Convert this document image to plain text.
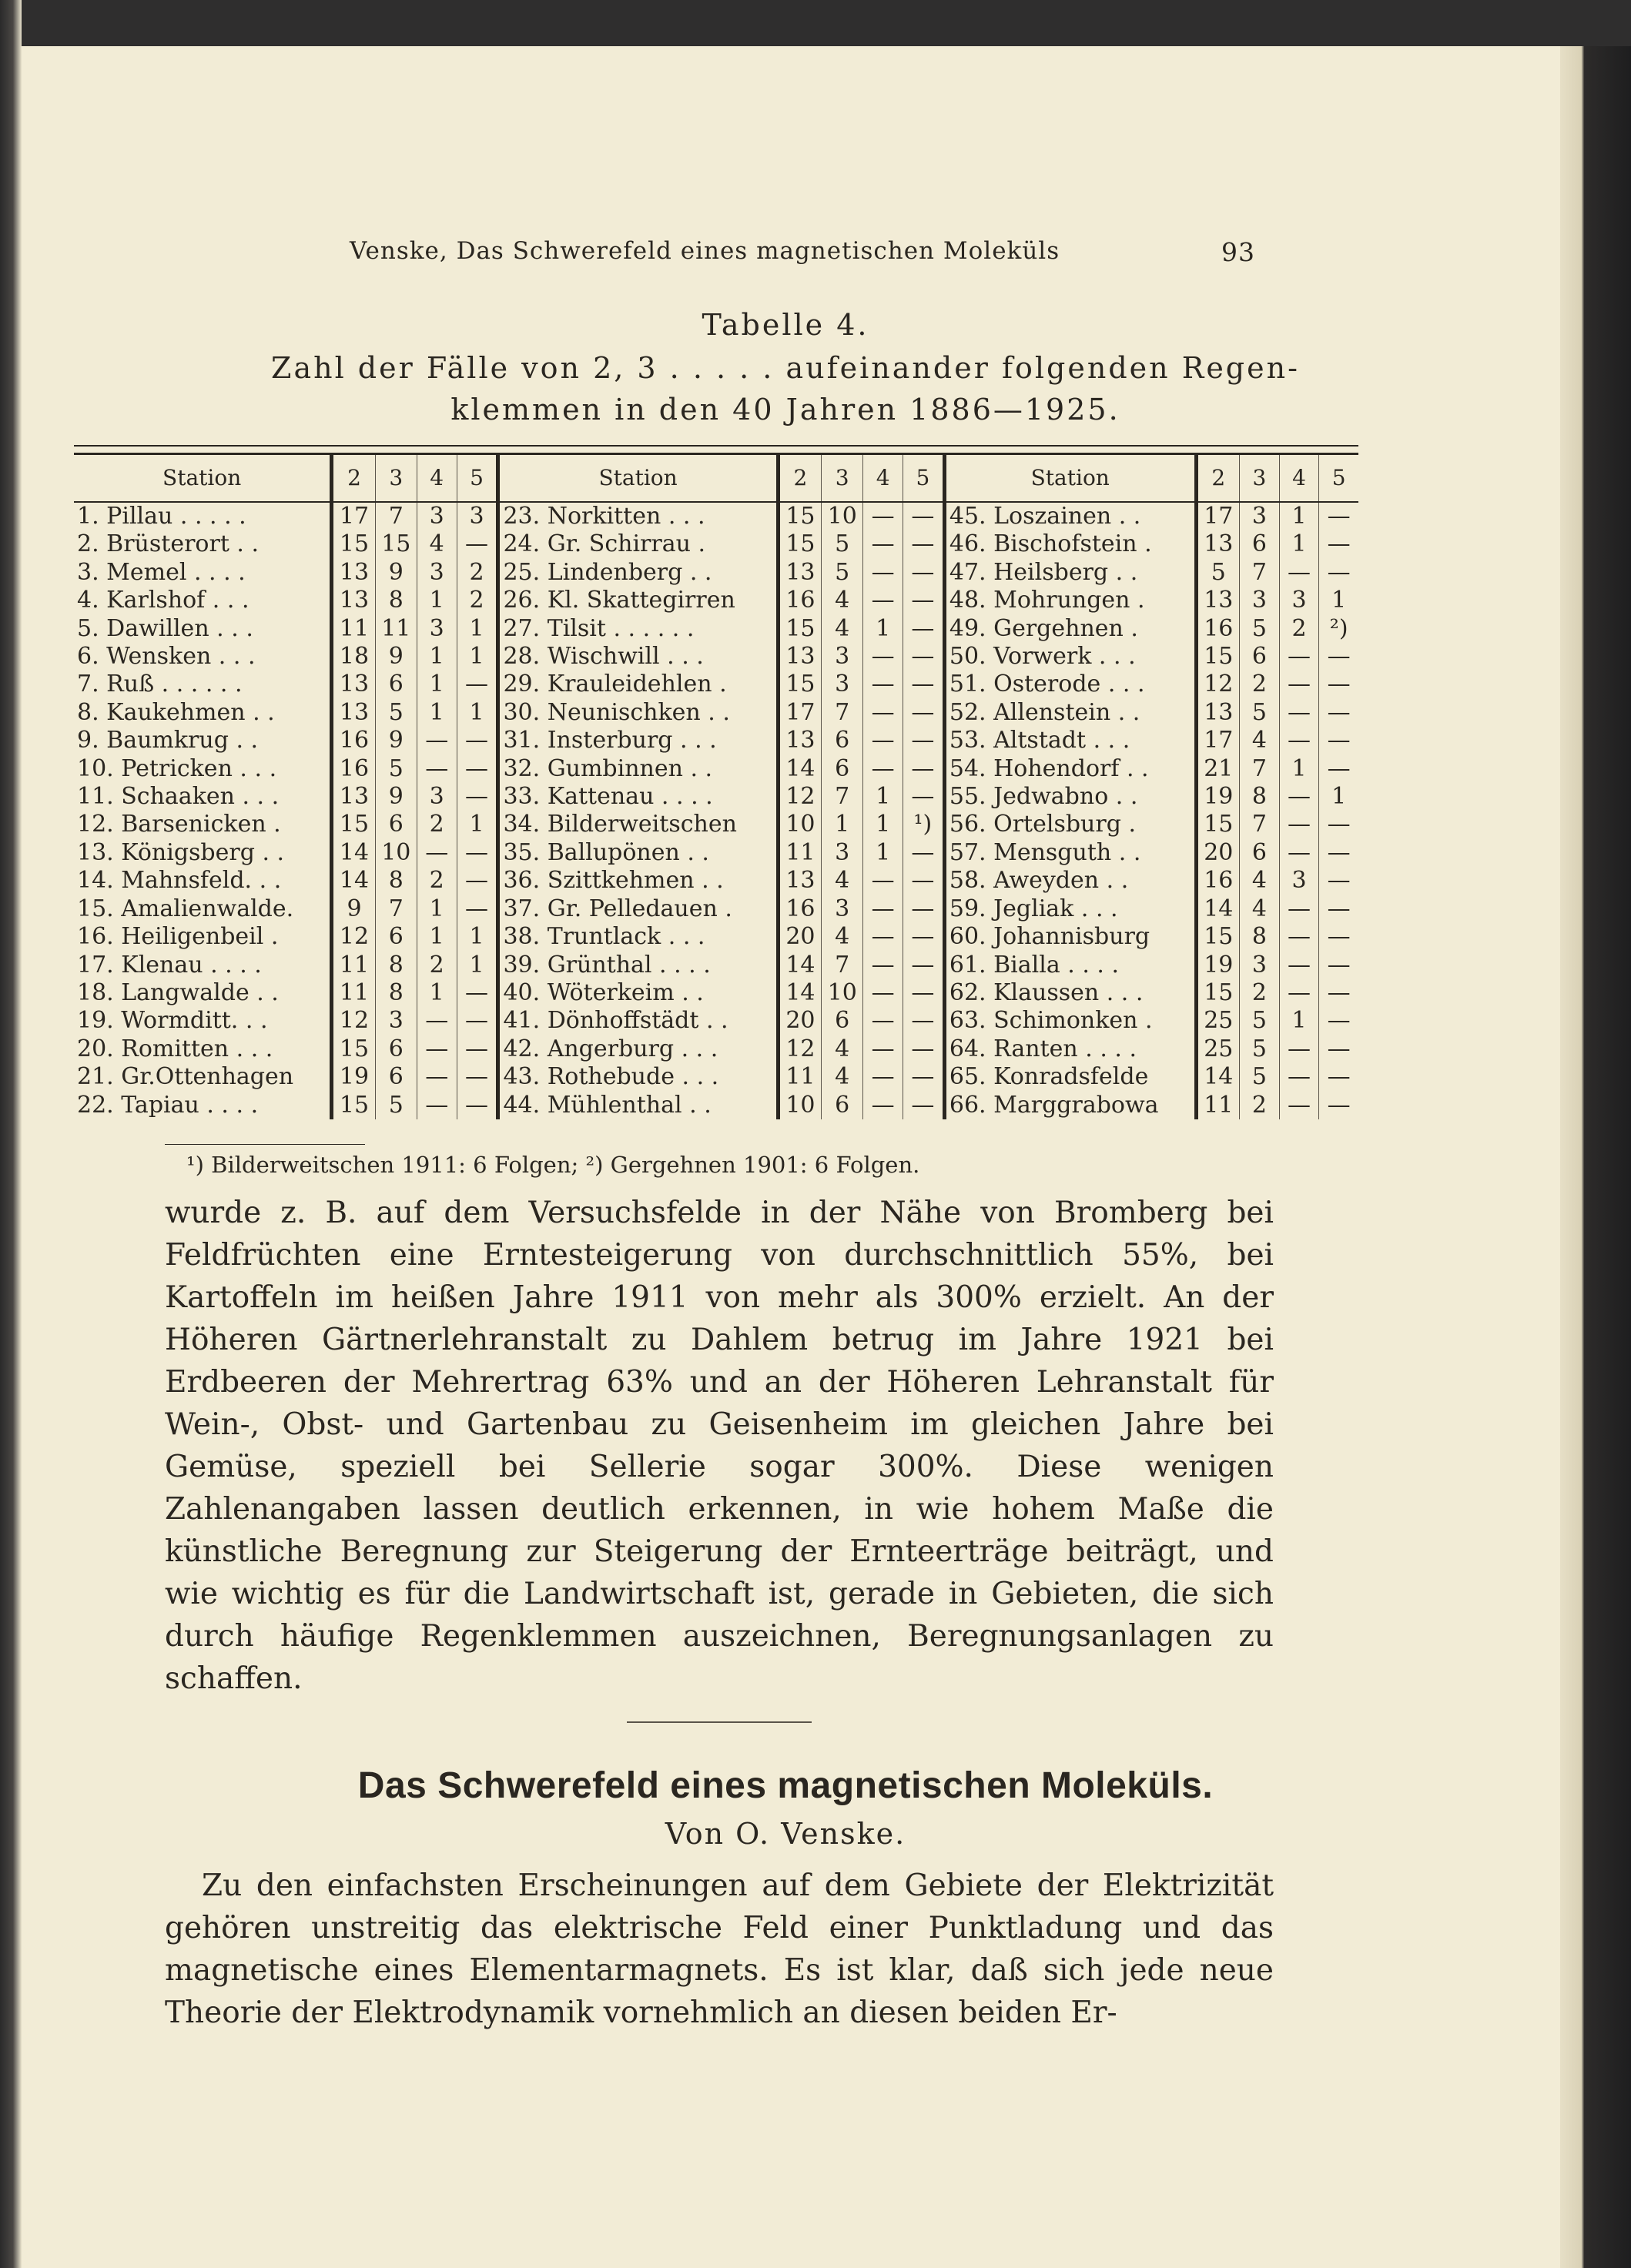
Venske, Das Schwerefeld eines magnetischen Moleküls	93
Tabelle 4.
Zahl der Fälle von 2, 3 . . . . . aufeinander folgenden Regen-
klemmen in den 40 Jahren 1886—1925.
Station	2	3	4	5	Station	2	3	4	5	Station	2	3	4	5
1. Pillau . . . . .	17	7	3	3	23. Norkitten . . .	15	10	—	—	45. Loszainen . .	17	3	1	—
2. Brüsterort . .	15	15	4	—	24. Gr. Schirrau .	15	5	—	—	46. Bischofstein .	13	6	1	—
3. Memel . . . .	13	9	3	2	25. Lindenberg . .	13	5	—	—	47. Heilsberg . .	5	7	—	—
4. Karlshof . . .	13	8	1	2	26. Kl. Skattegirren	16	4	—	—	48. Mohrungen .	13	3	3	1
5. Dawillen . . .	11	11	3	1	27. Tilsit . . . . . .	15	4	1	—	49. Gergehnen .	16	5	2	²)
6. Wensken . . .	18	9	1	1	28. Wischwill . . .	13	3	—	—	50. Vorwerk . . .	15	6	—	—
7. Ruß . . . . . .	13	6	1	—	29. Krauleidehlen .	15	3	—	—	51. Osterode . . .	12	2	—	—
8. Kaukehmen . .	13	5	1	1	30. Neunischken . .	17	7	—	—	52. Allenstein . .	13	5	—	—
9. Baumkrug . .	16	9	—	—	31. Insterburg . . .	13	6	—	—	53. Altstadt . . .	17	4	—	—
10. Petricken . . .	16	5	—	—	32. Gumbinnen . .	14	6	—	—	54. Hohendorf . .	21	7	1	—
11. Schaaken . . .	13	9	3	—	33. Kattenau . . . .	12	7	1	—	55. Jedwabno . .	19	8	—	1
12. Barsenicken .	15	6	2	1	34. Bilderweitschen	10	1	1	¹)	56. Ortelsburg .	15	7	—	—
13. Königsberg . .	14	10	—	—	35. Ballupönen . .	11	3	1	—	57. Mensguth . .	20	6	—	—
14. Mahnsfeld. . .	14	8	2	—	36. Szittkehmen . .	13	4	—	—	58. Aweyden . .	16	4	3	—
15. Amalienwalde.	9	7	1	—	37. Gr. Pelledauen .	16	3	—	—	59. Jegliak . . .	14	4	—	—
16. Heiligenbeil .	12	6	1	1	38. Truntlack . . .	20	4	—	—	60. Johannisburg	15	8	—	—
17. Klenau . . . .	11	8	2	1	39. Grünthal . . . .	14	7	—	—	61. Bialla . . . .	19	3	—	—
18. Langwalde . .	11	8	1	—	40. Wöterkeim . .	14	10	—	—	62. Klaussen . . .	15	2	—	—
19. Wormditt. . .	12	3	—	—	41. Dönhoffstädt . .	20	6	—	—	63. Schimonken .	25	5	1	—
20. Romitten . . .	15	6	—	—	42. Angerburg . . .	12	4	—	—	64. Ranten . . . .	25	5	—	—
21. Gr.Ottenhagen	19	6	—	—	43. Rothebude . . .	11	4	—	—	65. Konradsfelde	14	5	—	—
22. Tapiau . . . .	15	5	—	—	44. Mühlenthal . .	10	6	—	—	66. Marggrabowa	11	2	—	—
¹) Bilderweitschen 1911: 6 Folgen; ²) Gergehnen 1901: 6 Folgen.
wurde z. B. auf dem Versuchsfelde in der Nähe von Bromberg bei Feldfrüchten eine Erntesteigerung von durchschnittlich 55%, bei Kartoffeln im heißen Jahre 1911 von mehr als 300% erzielt. An der Höheren Gärtnerlehranstalt zu Dahlem betrug im Jahre 1921 bei Erdbeeren der Mehrertrag 63% und an der Höheren Lehranstalt für Wein-, Obst- und Gartenbau zu Geisenheim im gleichen Jahre bei Gemüse, speziell bei Sellerie sogar 300%. Diese wenigen Zahlenangaben lassen deutlich erkennen, in wie hohem Maße die künstliche Beregnung zur Steigerung der Ernteerträge beiträgt, und wie wichtig es für die Landwirtschaft ist, gerade in Gebieten, die sich durch häufige Regenklemmen auszeichnen, Beregnungsanlagen zu schaffen.
Das Schwerefeld eines magnetischen Moleküls.
Von O. Venske.
Zu den einfachsten Erscheinungen auf dem Gebiete der Elektrizität gehören unstreitig das elektrische Feld einer Punktladung und das magnetische eines Elementarmagnets. Es ist klar, daß sich jede neue Theorie der Elektrodynamik vornehmlich an diesen beiden Er-
